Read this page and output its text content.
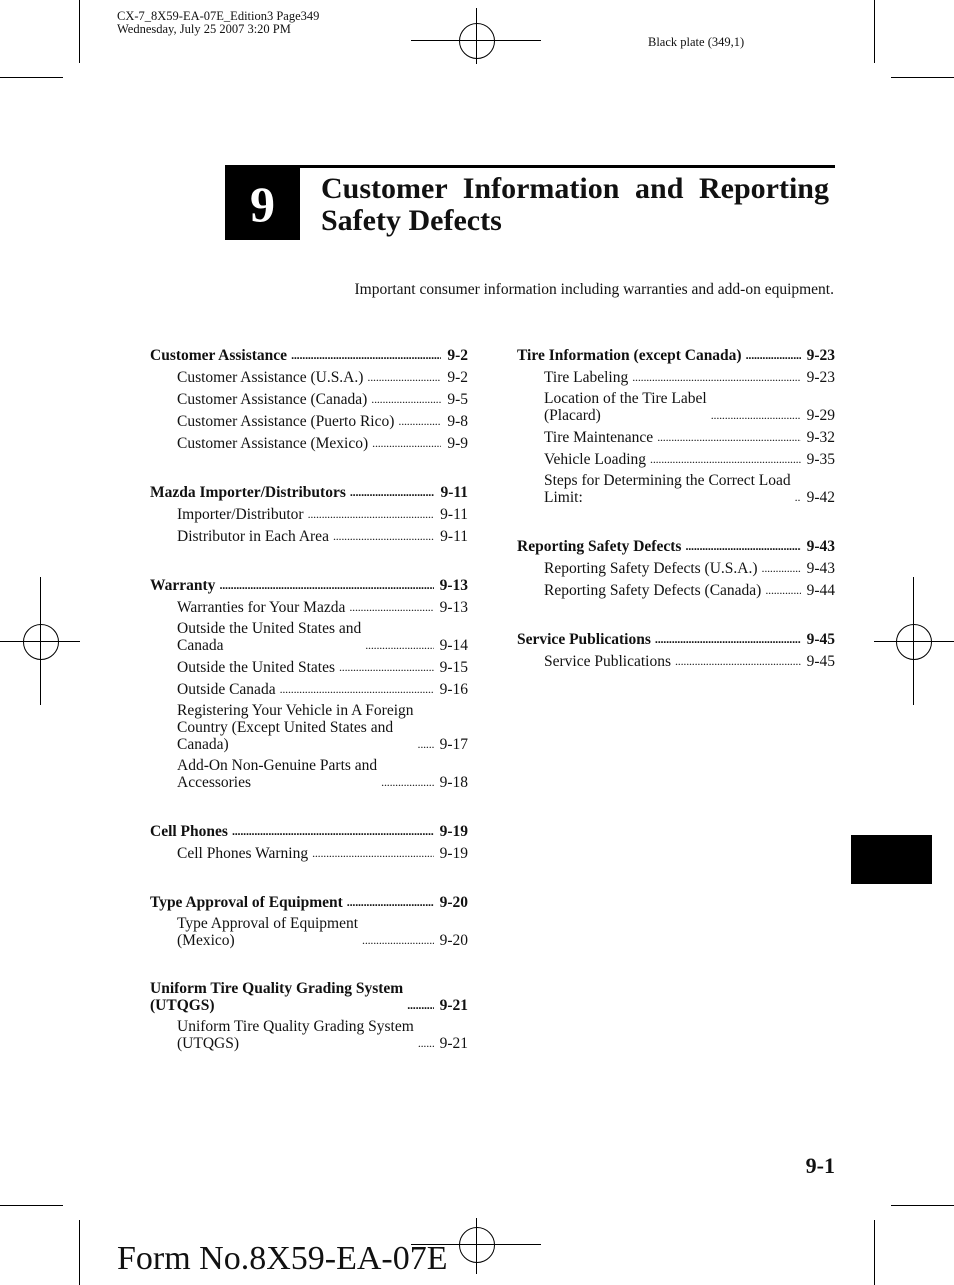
CX-7_8X59-EA-07E_Edition3 Page349
Wednesday, July 25 2007 3:20 PM
Black plate (349,1)
9	Customer Information and Reporting Safety Defects
Important consumer information including warranties and add-on equipment.
Customer Assistance . . .	9-2
Customer Assistance (U.S.A.) . . .	9-2
Customer Assistance (Canada) . . .	9-5
Customer Assistance (Puerto Rico) . . .	9-8
Customer Assistance (Mexico) . . .	9-9
Mazda Importer/Distributors . . .	9-11
Importer/Distributor . . .	9-11
Distributor in Each Area . . .	9-11
Warranty . . .	9-13
Warranties for Your Mazda . . .	9-13
Outside the United States and
Canada . . .	9-14
Outside the United States . . .	9-15
Outside Canada . . .	9-16
Registering Your Vehicle in A Foreign
Country (Except United States and
Canada) . . .	9-17
Add-On Non-Genuine Parts and
Accessories . . .	9-18
Cell Phones . . .	9-19
Cell Phones Warning . . .	9-19
Type Approval of Equipment . . .	9-20
Type Approval of Equipment
(Mexico) . . .	9-20
Uniform Tire Quality Grading System
(UTQGS) . . .	9-21
Uniform Tire Quality Grading System
(UTQGS) . . .	9-21
Tire Information (except Canada) . . .	9-23
Tire Labeling . . .	9-23
Location of the Tire Label
(Placard) . . .	9-29
Tire Maintenance . . .	9-32
Vehicle Loading . . .	9-35
Steps for Determining the Correct Load
Limit: . . .	9-42
Reporting Safety Defects . . .	9-43
Reporting Safety Defects (U.S.A.) . . .	9-43
Reporting Safety Defects (Canada) . . .	9-44
Service Publications . . .	9-45
Service Publications . . .	9-45
9-1
Form No.8X59-EA-07E
